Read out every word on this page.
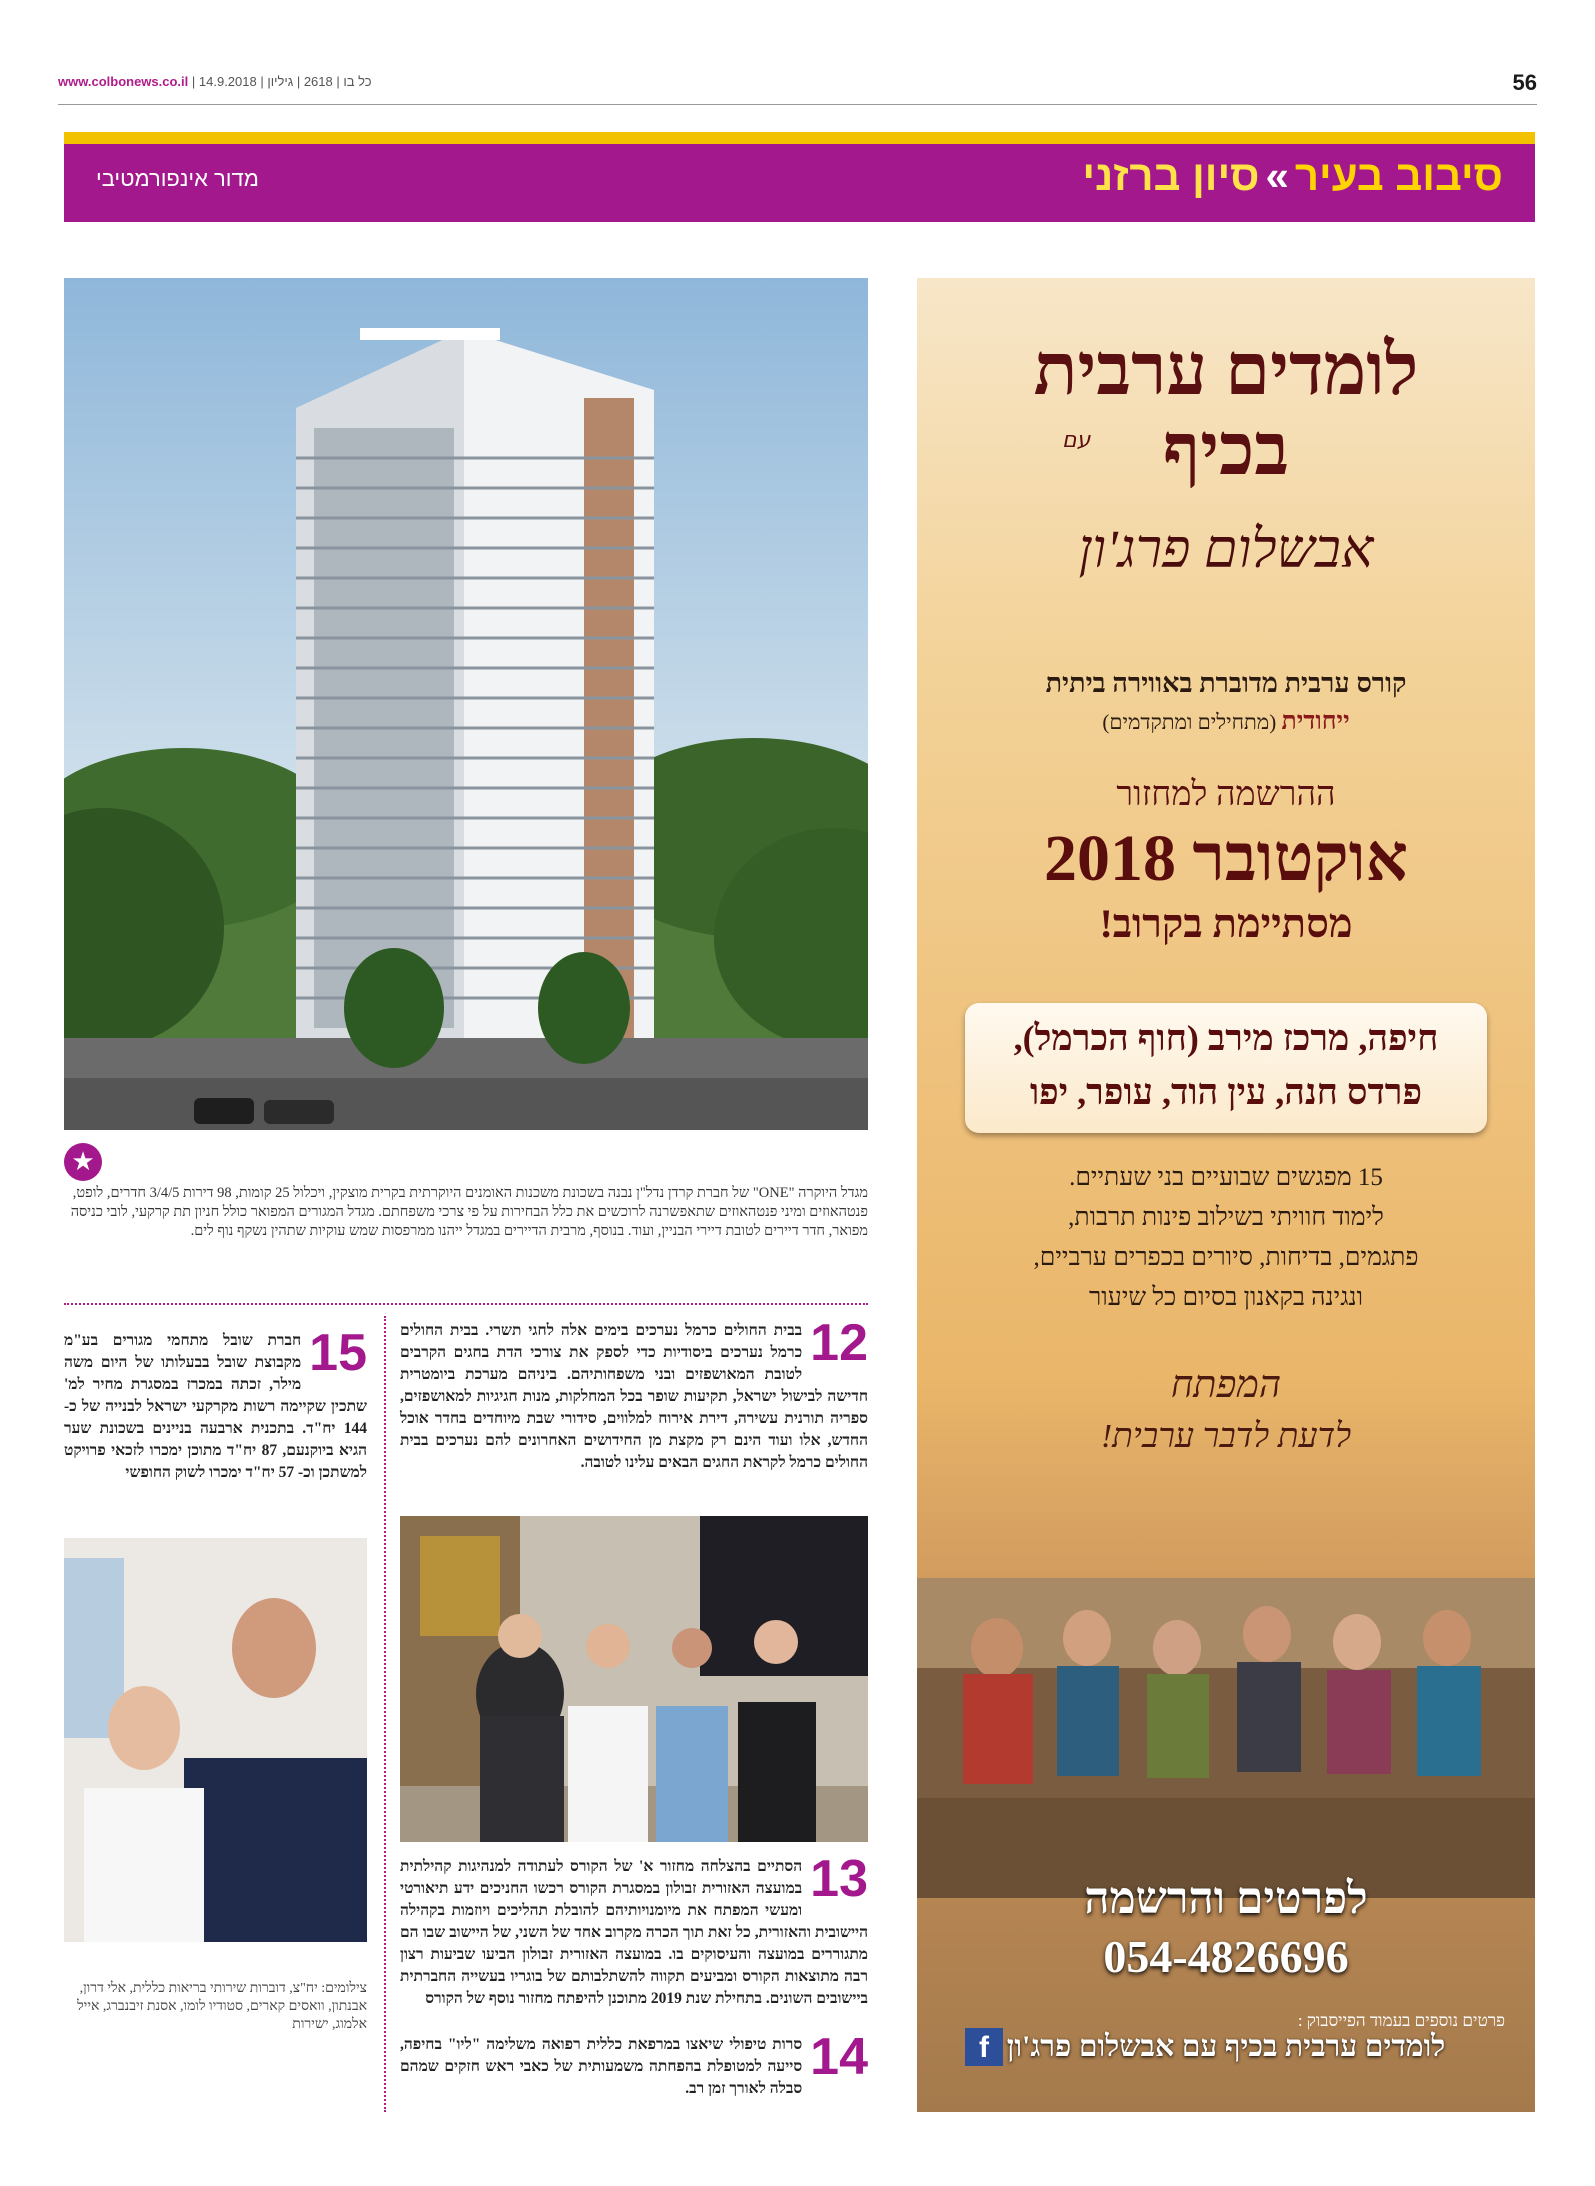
www.colbonews.co.il | כל בו | 2618 | גיליון | 14.9.2018	56
סיבוב בעיר»סיון ברזני
מדור אינפורמטיבי
★
מגדל היוקרה "ONE" של חברת קרדן נדל"ן נבנה בשכונת משכנות האומנים היוקרתית בקרית מוצקין, ויכלול 25 קומות, 98 דירות 3/4/5 חדרים, לופט, פנטהאוזים ומיני פנטהאוזים שתאפשרנה לרוכשים את כלל הבחירות על פי צרכי משפחתם. מגדל המגורים המפואר כולל חניון תת קרקעי, לובי כניסה מפואר, חדר דיירים לטובת דיירי הבניין, ועוד. בנוסף, מרבית הדיירים במגדל ייהנו ממרפסות שמש עוקיות שתהין נשקף נוף לים.
12
בבית החולים כרמל נערכים בימים אלה לחגי תשרי. בבית החולים כרמל נערכים ביסודיות כדי לספק את צורכי הדת בחגים הקרבים לטובת המאושפזים ובני משפחותיהם. ביניהם מערכת ביומטרית חדישה לבישול ישראל, תקיעות שופר בכל המחלקות, מנות חגיגיות למאושפזים, ספריה תורנית עשירה, דירת אירוח למלווים, סידורי שבת מיוחדים בחדר אוכל החדש, אלו ועוד הינם רק מקצת מן החידושים האחרונים להם נערכים בבית החולים כרמל לקראת החגים הבאים עלינו לטובה.
13
הסתיים בהצלחה מחזור א' של הקורס לעתודה למנהיגות קהילתית במועצה האזורית זבולון במסגרת הקורס רכשו החניכים ידע תיאורטי ומעשי המפתח את מיומנויותיהם להובלת תהליכים ויוזמות בקהילה היישובית והאזורית, כל זאת תוך הכרה מקרוב אחד של השני, של היישוב שבו הם מתגוררים במועצה והעיסוקים בו. במועצה האזורית זבולון הביעו שביעות רצון רבה מתוצאות הקורס ומביעים תקווה להשתלבותם של בוגריו בעשייה החברתית ביישובים השונים. בתחילת שנת 2019 מתוכנן להיפתח מחזור נוסף של הקורס
14
סרות טיפולי שיאצו במרפאת כללית רפואה משלימה "ליו" בחיפה, סייעה למטופלת בהפחתה משמעותית של כאבי ראש חזקים שמהם סבלה לאורך זמן רב.
15
חברת שובל מתחמי מגורים בע"מ מקבוצת שובל בבעלותו של היום משה מילר, זכתה במכרז במסגרת מחיר למ' שתכין שקיימה רשות מקרקעי ישראל לבנייה של כ- 144 יח"ד. בתכנית ארבעה בניינים בשכונת שער הגיא ביוקנעם, 87 יח"ד מתוכן ימכרו לזכאי פרויקט למשתכן וכ- 57 יח"ד ימכרו לשוק החופשי
צילומים: יח"צ, דוברות שירותי בריאות כללית, אלי דרון, אבנתון, וואסים קארים, סטודיו לומו, אסנת זיבנברג, אייל אלמוג, ישירות
לומדים ערבית
בכיף
עם
אבשלום פרג'ון
קורס ערבית מדוברת באווירה ביתית
ייחודית (מתחילים ומתקדמים)
ההרשמה למחזור
אוקטובר 2018
מסתיימת בקרוב!
חיפה, מרכז מירב (חוף הכרמל),
פרדס חנה, עין הוד, עופר, יפו
15 מפגשים שבועיים בני שעתיים.
לימוד חוויתי בשילוב פינות תרבות,
פתגמים, בדיחות, סיורים בכפרים ערביים,
ונגינה בקאנון בסיום כל שיעור
המפתח
לדעת לדבר ערבית!
לפרטים והרשמה
054-4826696
פרטים נוספים בעמוד הפייסבוק :
לומדים ערבית בכיף עם אבשלום פרג'ון
f
